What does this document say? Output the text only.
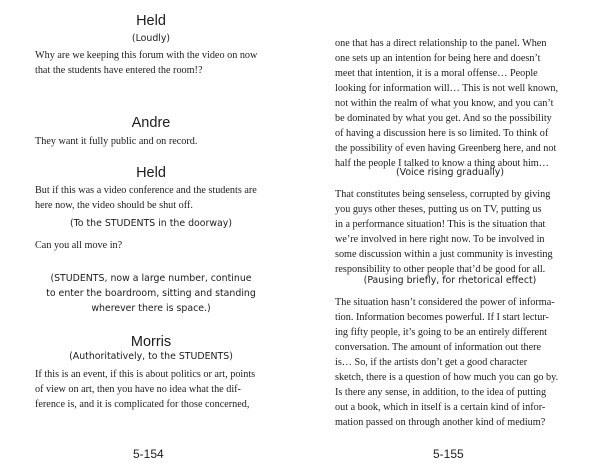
Held
(Loudly)
Why are we keeping this forum with the video on now
that the students have entered the room!?
Andre
They want it fully public and on record.
Held
But if this was a video conference and the students are
here now, the video should be shut off.
(To the STUDENTS in the doorway)
Can you all move in?
(STUDENTS, now a large number, continue
to enter the boardroom, sitting and standing
wherever there is space.)
Morris
(Authoritatively, to the STUDENTS)
If this is an event, if this is about politics or art, points
of view on art, then you have no idea what the dif-
ference is, and it is complicated for those concerned,
5-154
one that has a direct relationship to the panel. When
one sets up an intention for being here and doesn’t
meet that intention, it is a moral offense… People
looking for information will… This is not well known,
not within the realm of what you know, and you can’t
be dominated by what you get. And so the possibility
of having a discussion here is so limited. To think of
the possibility of even having Greenberg here, and not
half the people I talked to know a thing about him…
(Voice rising gradually)
That constitutes being senseless, corrupted by giving
you guys other theses, putting us on TV, putting us
in a performance situation! This is the situation that
we’re involved in here right now. To be involved in
some discussion within a just community is investing
responsibility to other people that’d be good for all.
(Pausing briefly, for rhetorical effect)
The situation hasn’t considered the power of informa-
tion. Information becomes powerful. If I start lectur-
ing fifty people, it’s going to be an entirely different
conversation. The amount of information out there
is… So, if the artists don’t get a good character
sketch, there is a question of how much you can go by.
Is there any sense, in addition, to the idea of putting
out a book, which in itself is a certain kind of infor-
mation passed on through another kind of medium?
5-155
